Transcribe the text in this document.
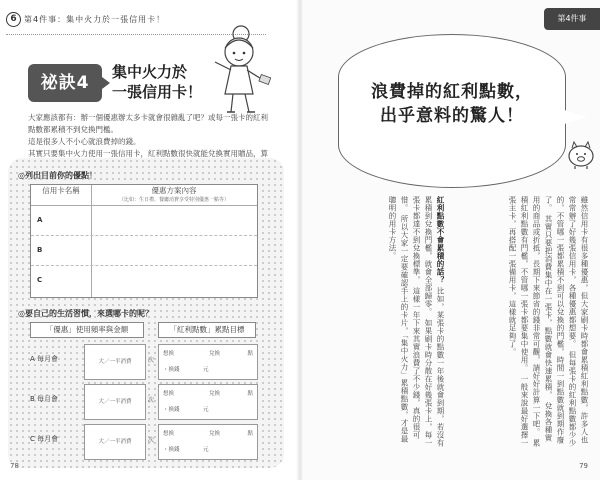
6 第4件事：集中火力於一張信用卡！
祕訣4
集中火力於
一張信用卡！

大家應該都有：辦一個優惠辦太多卡就會很雜亂了吧？或每一張卡的紅利點數都累積不到兌換門檻。

這是很多人不小心就浪費掉的錢。

其實只要集中火力使用一張信用卡，紅利點數很快就能兌換實用贈品，算

◎列出目前你的優點！
信用卡名稱	優惠方案內容
（比如：生日禮、餐廳消費享受特別優惠一點等）
A
B
C
◎要自己的生活習慣，來選哪卡的呢？
「優惠」使用頻率與金額	「紅利點數」累點目標
A 每月會	大／一半消費	次
想換	點
兌換
・換錢	元
B 每月會	大／一半消費	次
想換	點
兌換
・換錢	元
C 每月會	大／一半消費	次
想換	點
兌換
・換錢	元
78
第4件事
浪費掉的紅利點數，
出乎意料的驚人！
雖然信用卡有很多種優惠，但大家刷卡時都會累積紅利點數，許多人也常常辦了好幾張信用卡，各種優惠都想要。 但每張卡的紅利點數都少少的，不管哪一張都累積不到可以兌換的門檻，時間一到點數就到期作廢了。 其實只要把消費集中在一張卡，點數就會快速累積， 兌換各種實用的商品或折抵，長期下來節省的錢非常可觀，請好好計算一下吧。 累積紅利點數有門檻，不管哪一張卡都要集中使用。 一般來說最好選擇一張主卡，再搭配一張備用卡，這樣就足夠了。
紅利點數不會累積的話？ 比如，某張卡的點數一年後就會到期，若沒有累積到兌換門檻，就會全部歸零。 如果刷卡時分散在好幾張卡上，每一張卡都達不到兌換標準， 這樣一年下來其實浪費了不少錢，真的很可惜。 所以大家一定要確認手上的卡片，「集中火力」累積點數，才是最聰明的用卡方法。
79
